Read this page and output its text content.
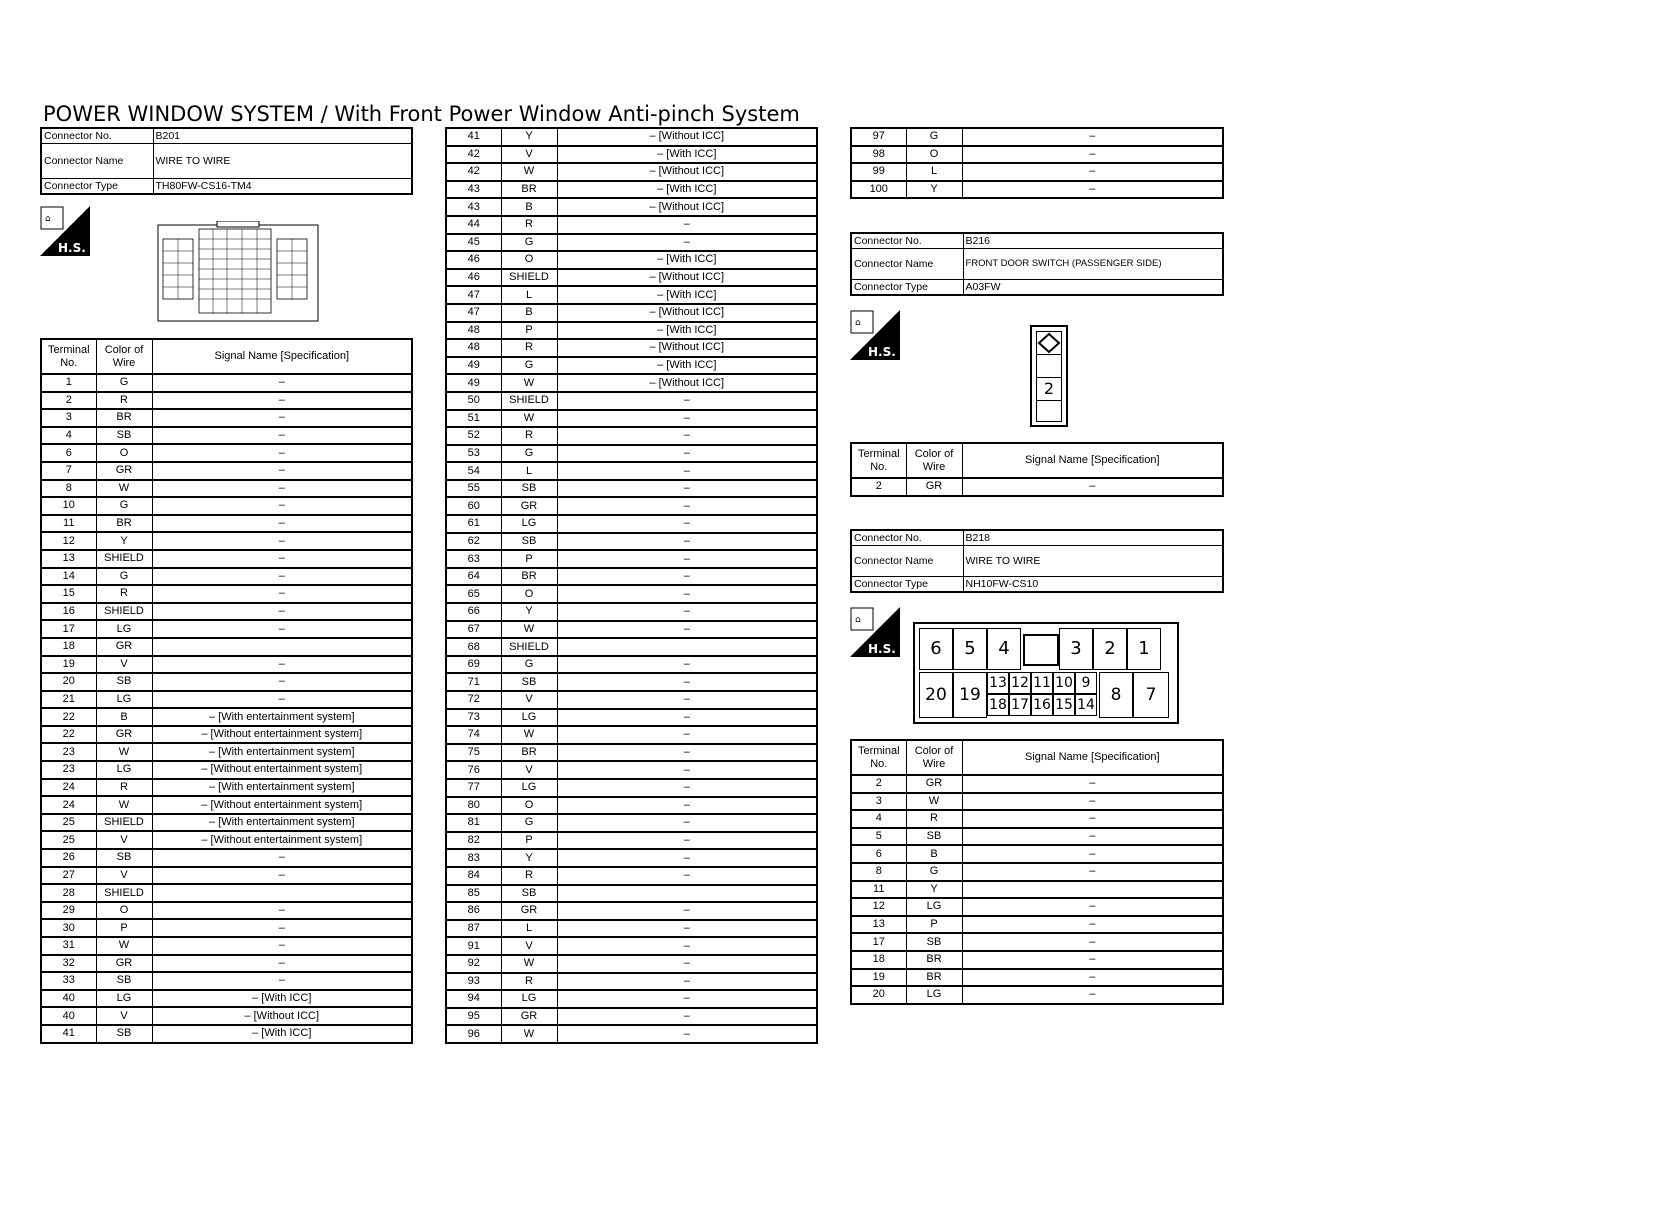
POWER WINDOW SYSTEM / With Front Power Window Anti-pinch System
Connector No.	B201
Connector Name	WIRE TO WIRE
Connector Type	TH80FW-CS16-TM4
⌂
H.S.
Terminal No.	Color of Wire	Signal Name [Specification]
1	G	–
2	R	–
3	BR	–
4	SB	–
6	O	–
7	GR	–
8	W	–
10	G	–
11	BR	–
12	Y	–
13	SHIELD	–
14	G	–
15	R	–
16	SHIELD	–
17	LG	–
18	GR	
19	V	–
20	SB	–
21	LG	–
22	B	– [With entertainment system]
22	GR	– [Without entertainment system]
23	W	– [With entertainment system]
23	LG	– [Without entertainment system]
24	R	– [With entertainment system]
24	W	– [Without entertainment system]
25	SHIELD	– [With entertainment system]
25	V	– [Without entertainment system]
26	SB	–
27	V	–
28	SHIELD	
29	O	–
30	P	–
31	W	–
32	GR	–
33	SB	–
40	LG	– [With ICC]
40	V	– [Without ICC]
41	SB	– [With ICC]
41	Y	– [Without ICC]
42	V	– [With ICC]
42	W	– [Without ICC]
43	BR	– [With ICC]
43	B	– [Without ICC]
44	R	–
45	G	–
46	O	– [With ICC]
46	SHIELD	– [Without ICC]
47	L	– [With ICC]
47	B	– [Without ICC]
48	P	– [With ICC]
48	R	– [Without ICC]
49	G	– [With ICC]
49	W	– [Without ICC]
50	SHIELD	–
51	W	–
52	R	–
53	G	–
54	L	–
55	SB	–
60	GR	–
61	LG	–
62	SB	–
63	P	–
64	BR	–
65	O	–
66	Y	–
67	W	–
68	SHIELD	
69	G	–
71	SB	–
72	V	–
73	LG	–
74	W	–
75	BR	–
76	V	–
77	LG	–
80	O	–
81	G	–
82	P	–
83	Y	–
84	R	–
85	SB	
86	GR	–
87	L	–
91	V	–
92	W	–
93	R	–
94	LG	–
95	GR	–
96	W	–
97	G	–
98	O	–
99	L	–
100	Y	–
Connector No.	B216
Connector Name	FRONT DOOR SWITCH (PASSENGER SIDE)
Connector Type	A03FW
⌂
H.S.
2
Terminal No.	Color of Wire	Signal Name [Specification]
2	GR	–
Connector No.	B218
Connector Name	WIRE TO WIRE
Connector Type	NH10FW-CS10
⌂
H.S.	6	5	4	3	2	1
20 19
13 12 11 10 9
18 17 16 15 14 8	7
Terminal No.	Color of Wire	Signal Name [Specification]
2	GR	–
3	W	–
4	R	–
5	SB	–
6	B	–
8	G	–
11	Y	
12	LG	–
13	P	–
17	SB	–
18	BR	–
19	BR	–
20	LG	–
